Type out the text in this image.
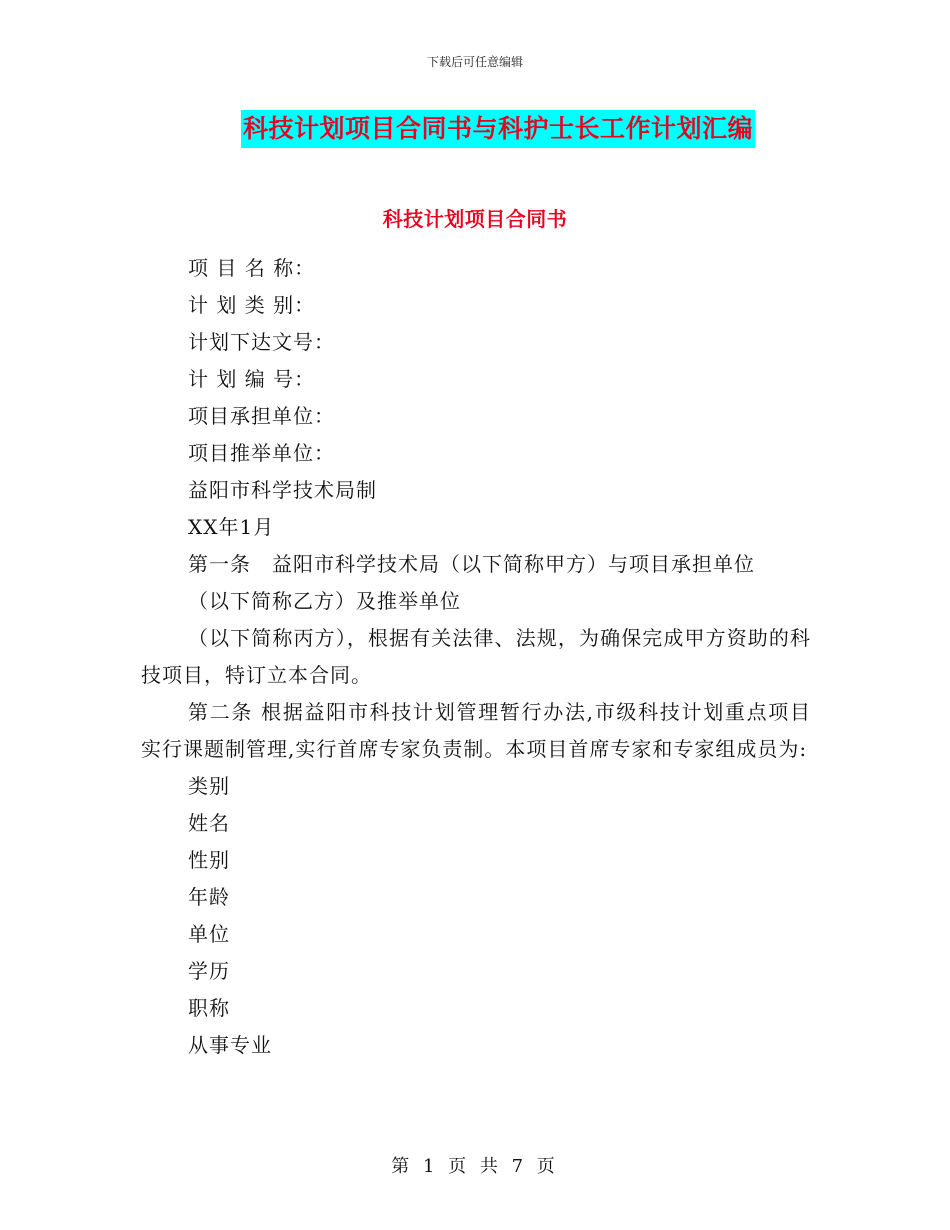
下载后可任意编辑
科技计划项目合同书与科护士长工作计划汇编
科技计划项目合同书

项 目 名 称：

计 划 类 别：

计划下达文号：

计 划 编 号：

项目承担单位：

项目推举单位：

益阳市科学技术局制

XX年1月

第一条　益阳市科学技术局（以下简称甲方）与项目承担单位

（以下简称乙方）及推举单位

（以下简称丙方），根据有关法律、法规，为确保完成甲方资助的科技项目，特订立本合同。

第二条 根据益阳市科技计划管理暂行办法,市级科技计划重点项目实行课题制管理,实行首席专家负责制。本项目首席专家和专家组成员为:

类别

姓名

性别

年龄

单位

学历

职称

从事专业

第 1 页 共 7 页
